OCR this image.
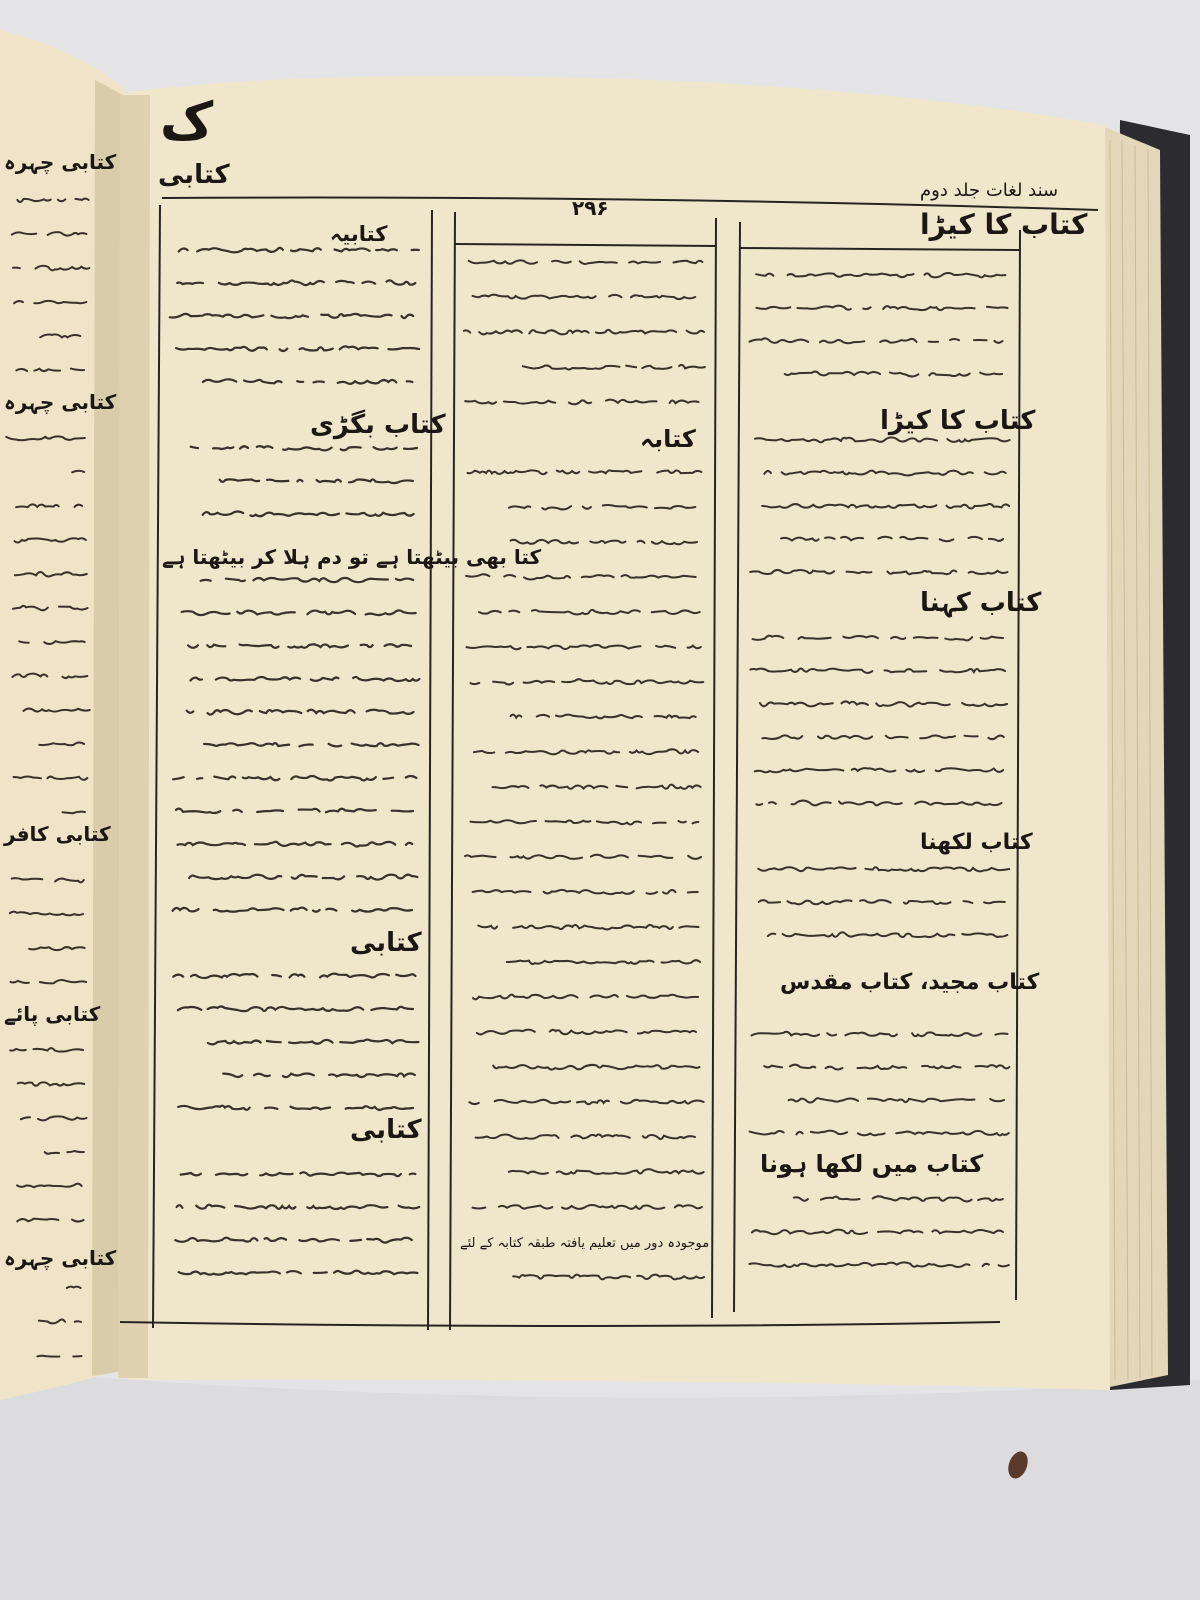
ک
کتابی
سند لغات جلد دوم
۲۹۶	کتاب کا کیڑا
کتابیہ
کتاب بگڑی
کتا بھی بیٹھتا ہے تو دم ہلا کر بیٹھتا ہے
کتابی
کتابی
کتابہ
موجودہ دور میں تعلیم یافتہ طبقہ کتابہ کے لئے
کتاب کا کیڑا
کتاب کہنا
کتاب لکھنا
کتاب مجید، کتاب مقدس
کتاب میں لکھا ہونا
کتابی چہرہ
کتابی چہرہ
کتابی کافر
کتابی پائے
کتابی چہرہ
